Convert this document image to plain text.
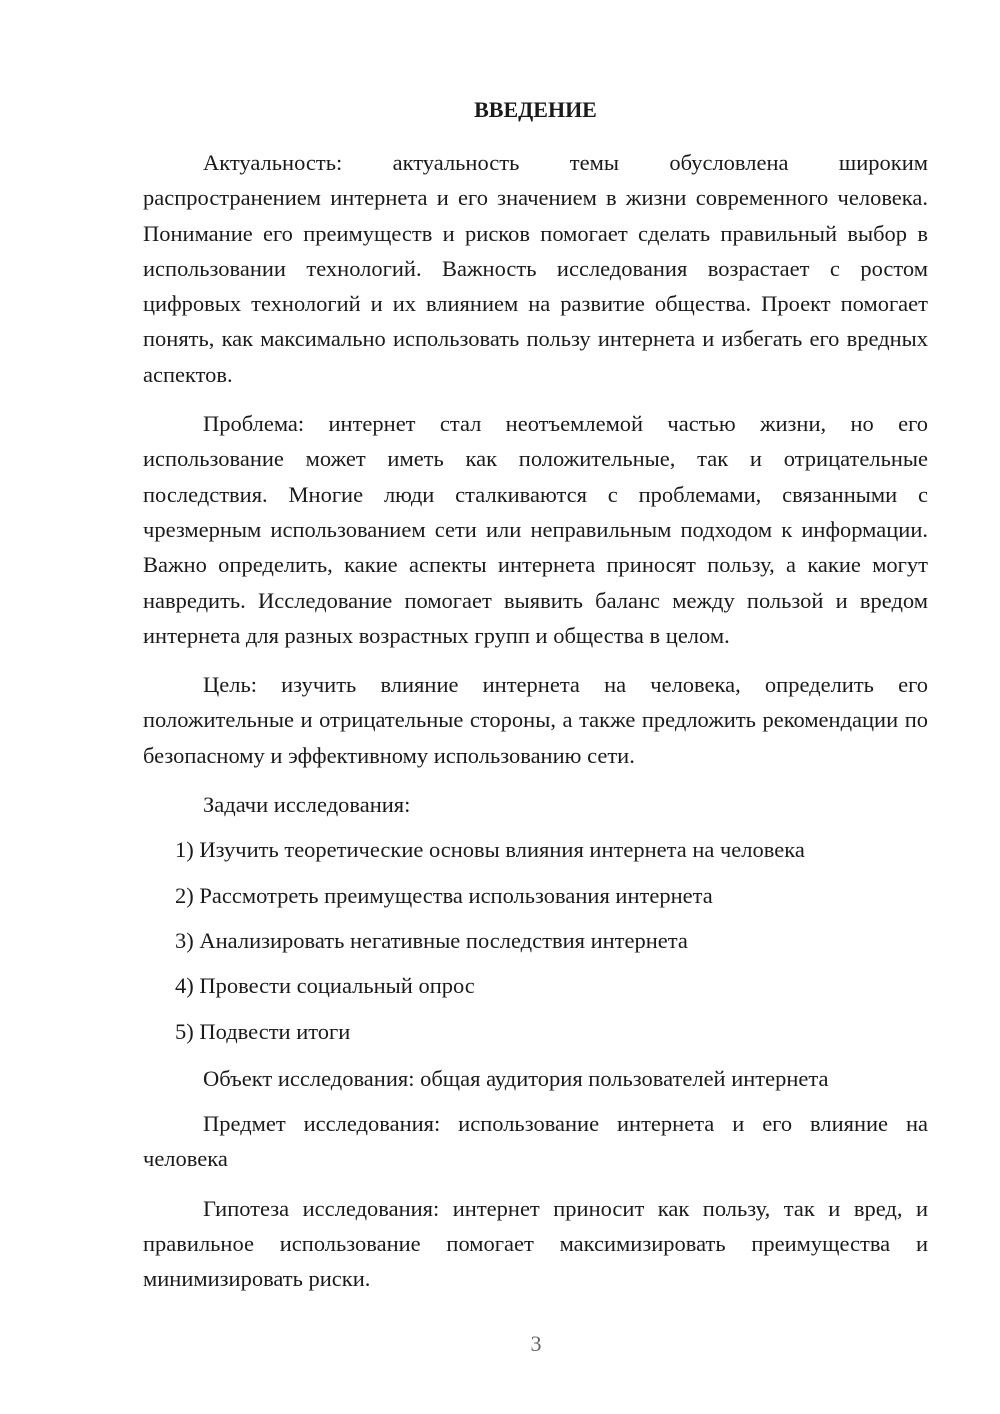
ВВЕДЕНИЕ

Актуальность: актуальность темы обусловлена широким распространением интернета и его значением в жизни современного человека. Понимание его преимуществ и рисков помогает сделать правильный выбор в использовании технологий. Важность исследования возрастает с ростом цифровых технологий и их влиянием на развитие общества. Проект помогает понять, как максимально использовать пользу интернета и избегать его вредных аспектов.

Проблема: интернет стал неотъемлемой частью жизни, но его использование может иметь как положительные, так и отрицательные последствия. Многие люди сталкиваются с проблемами, связанными с чрезмерным использованием сети или неправильным подходом к информации. Важно определить, какие аспекты интернета приносят пользу, а какие могут навредить. Исследование помогает выявить баланс между пользой и вредом интернета для разных возрастных групп и общества в целом.

Цель: изучить влияние интернета на человека, определить его положительные и отрицательные стороны, а также предложить рекомендации по безопасному и эффективному использованию сети.

Задачи исследования:

1) Изучить теоретические основы влияния интернета на человека
2) Рассмотреть преимущества использования интернета
3) Анализировать негативные последствия интернета
4) Провести социальный опрос
5) Подвести итоги

Объект исследования: общая аудитория пользователей интернета

Предмет исследования: использование интернета и его влияние на человека

Гипотеза исследования: интернет приносит как пользу, так и вред, и правильное использование помогает максимизировать преимущества и минимизировать риски.

3
